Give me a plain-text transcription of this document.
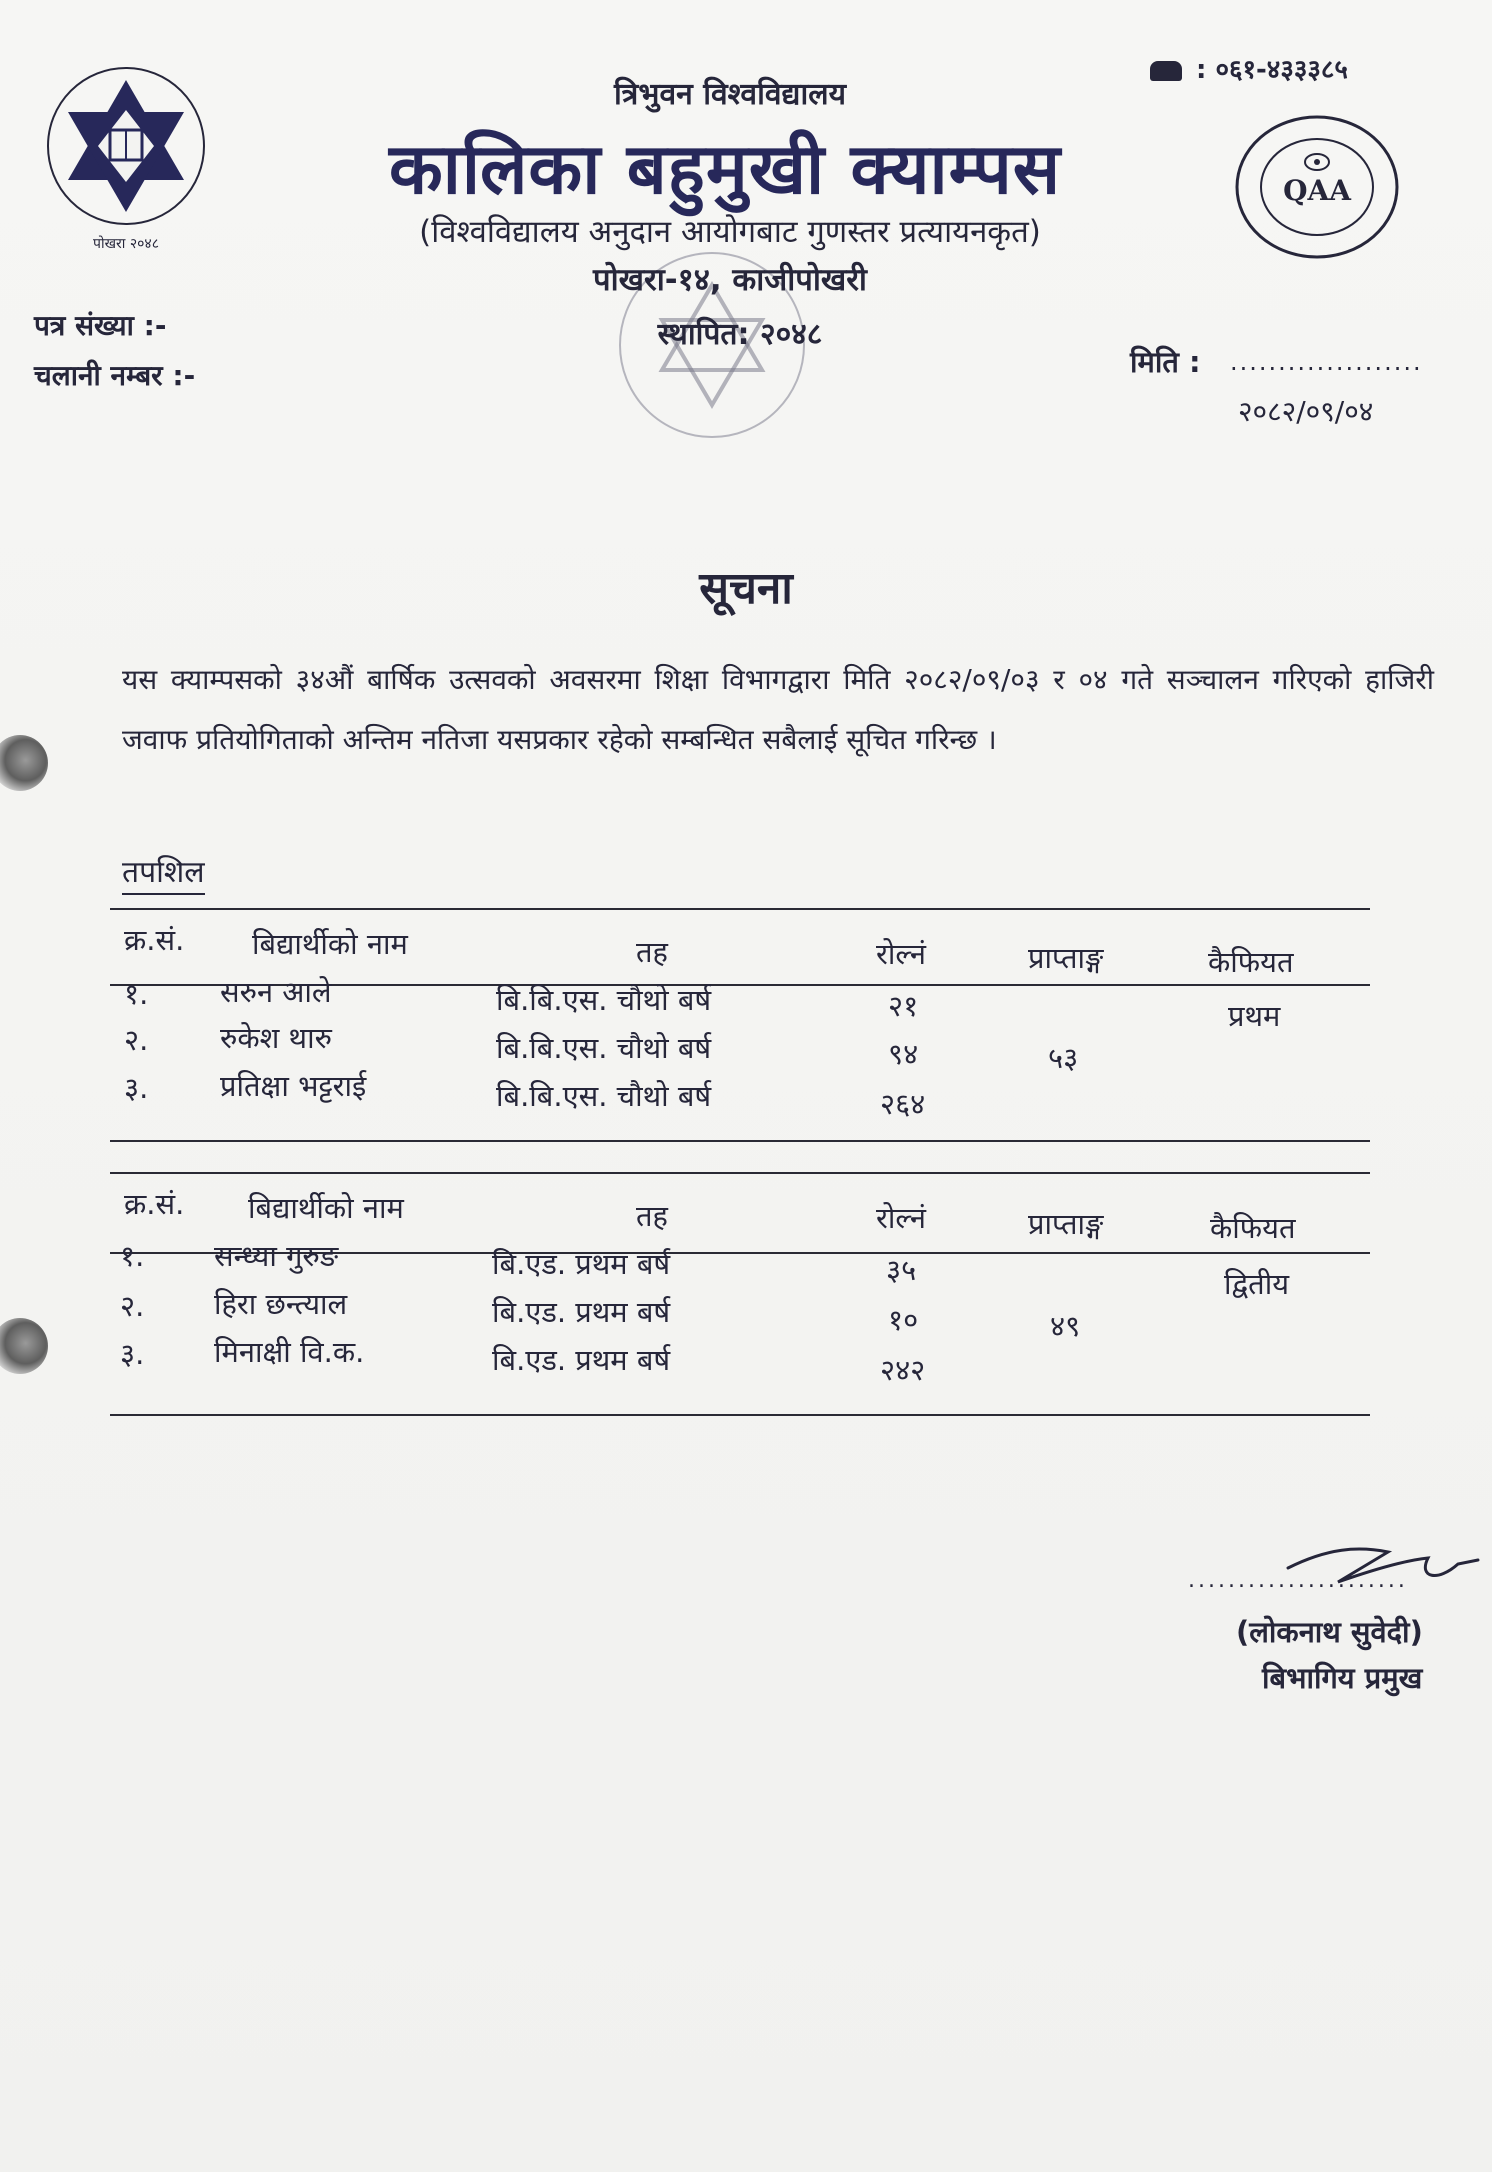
पोखरा २०४८
QAA
त्रिभुवन विश्वविद्यालय
कालिका बहुमुखी क्याम्पस
(विश्वविद्यालय अनुदान आयोगबाट गुणस्तर प्रत्यायनकृत)
पोखरा-१४, काजीपोखरी
स्थापित: २०४८
: ०६१-४३३३८५
पत्र संख्या :-
चलानी नम्बर :-	मिति : ....................
२०८२/०९/०४
सूचना
यस क्याम्पसको ३४औं बार्षिक उत्सवको अवसरमा शिक्षा विभागद्वारा मिति २०८२/०९/०३ र ०४ गते सञ्चालन गरिएको हाजिरी जवाफ प्रतियोगिताको अन्तिम नतिजा यसप्रकार रहेको सम्बन्धित सबैलाई सूचित गरिन्छ ।
तपशिल
क्र.सं. बिद्यार्थीको नाम	तह	रोल्नं	प्राप्ताङ्ग	कैफियत
१. सरुन आले	बि.बि.एस. चौथो बर्ष	२१
२. रुकेश थारु	बि.बि.एस. चौथो बर्ष	९४
३. प्रतिक्षा भट्टराई	बि.बि.एस. चौथो बर्ष	२६४
५३
प्रथम
क्र.सं. बिद्यार्थीको नाम	तह	रोल्नं	प्राप्ताङ्ग	कैफियत
१. सन्ध्या गुरुङ	बि.एड. प्रथम बर्ष	३५
२. हिरा छन्त्याल	बि.एड. प्रथम बर्ष	१०
३. मिनाक्षी वि.क.	बि.एड. प्रथम बर्ष	२४२
४९
द्वितीय
......................
(लोकनाथ सुवेदी)
बिभागिय प्रमुख
